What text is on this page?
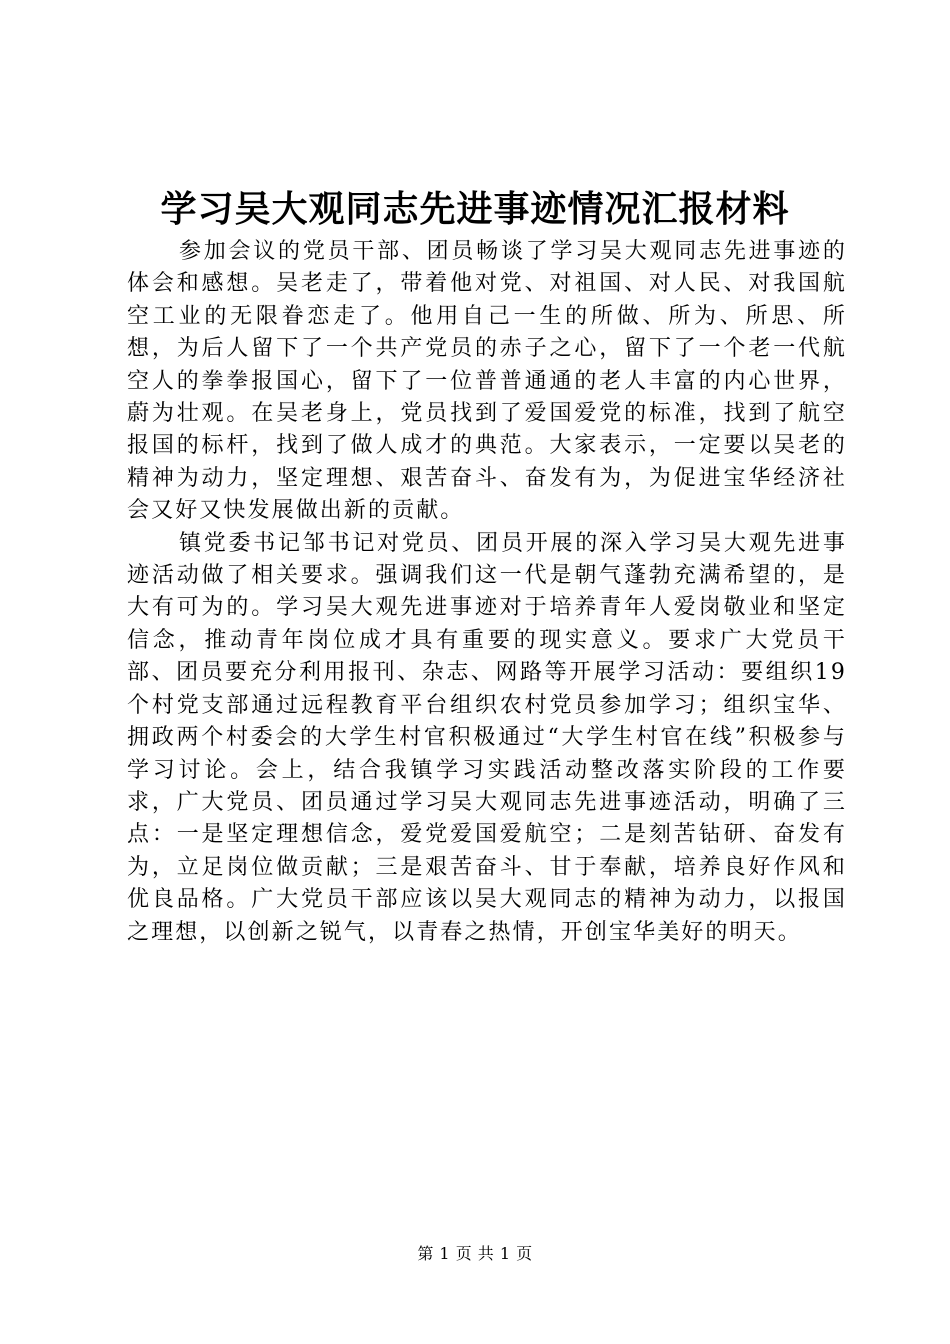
学习吴大观同志先进事迹情况汇报材料

参加会议的党员干部、团员畅谈了学习吴大观同志先进事迹的体会和感想。吴老走了，带着他对党、对祖国、对人民、对我国航空工业的无限眷恋走了。他用自己一生的所做、所为、所思、所想，为后人留下了一个共产党员的赤子之心，留下了一个老一代航空人的拳拳报国心，留下了一位普普通通的老人丰富的内心世界，蔚为壮观。在吴老身上，党员找到了爱国爱党的标准，找到了航空报国的标杆，找到了做人成才的典范。大家表示，一定要以吴老的精神为动力，坚定理想、艰苦奋斗、奋发有为，为促进宝华经济社会又好又快发展做出新的贡献。

镇党委书记邹书记对党员、团员开展的深入学习吴大观先进事迹活动做了相关要求。强调我们这一代是朝气蓬勃充满希望的，是大有可为的。学习吴大观先进事迹对于培养青年人爱岗敬业和坚定信念，推动青年岗位成才具有重要的现实意义。要求广大党员干部、团员要充分利用报刊、杂志、网路等开展学习活动：要组织19个村党支部通过远程教育平台组织农村党员参加学习；组织宝华、拥政两个村委会的大学生村官积极通过“大学生村官在线”积极参与学习讨论。会上，结合我镇学习实践活动整改落实阶段的工作要求，广大党员、团员通过学习吴大观同志先进事迹活动，明确了三点：一是坚定理想信念，爱党爱国爱航空；二是刻苦钻研、奋发有为，立足岗位做贡献；三是艰苦奋斗、甘于奉献，培养良好作风和优良品格。广大党员干部应该以吴大观同志的精神为动力，以报国之理想，以创新之锐气，以青春之热情，开创宝华美好的明天。

第 1 页 共 1 页
